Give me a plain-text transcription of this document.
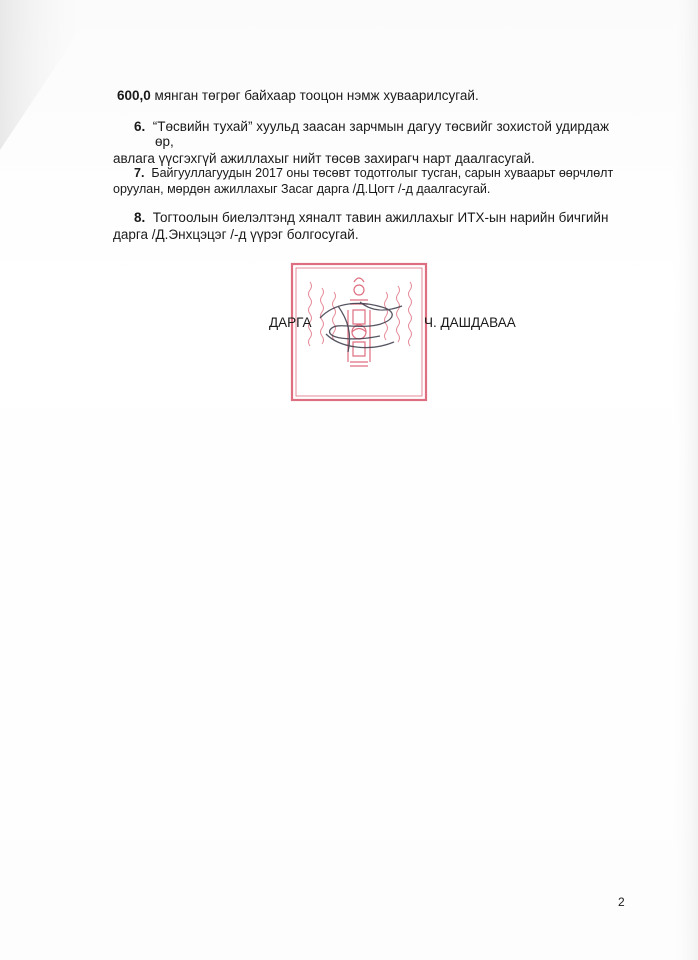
600,0 мянган төгрөг байхаар тооцон нэмж хуваарилсугай.
6. “Төсвийн тухай” хуульд заасан зарчмын дагуу төсвийг зохистой удирдаж
өр,
авлага үүсгэхгүй ажиллахыг нийт төсөв захирагч нарт даалгасугай.
7. Байгууллагуудын 2017 оны төсөвт тодотголыг тусган, сарын хуваарьт өөрчлөлт
оруулан, мөрдөн ажиллахыг Засаг дарга /Д.Цогт /-д даалгасугай.
8. Тогтоолын биелэлтэнд хяналт тавин ажиллахыг ИТХ-ын нарийн бичгийн
дарга /Д.Энхцэцэг /-д үүрэг болгосугай.
ДАРГА	Ч. ДАШДАВАА
2
